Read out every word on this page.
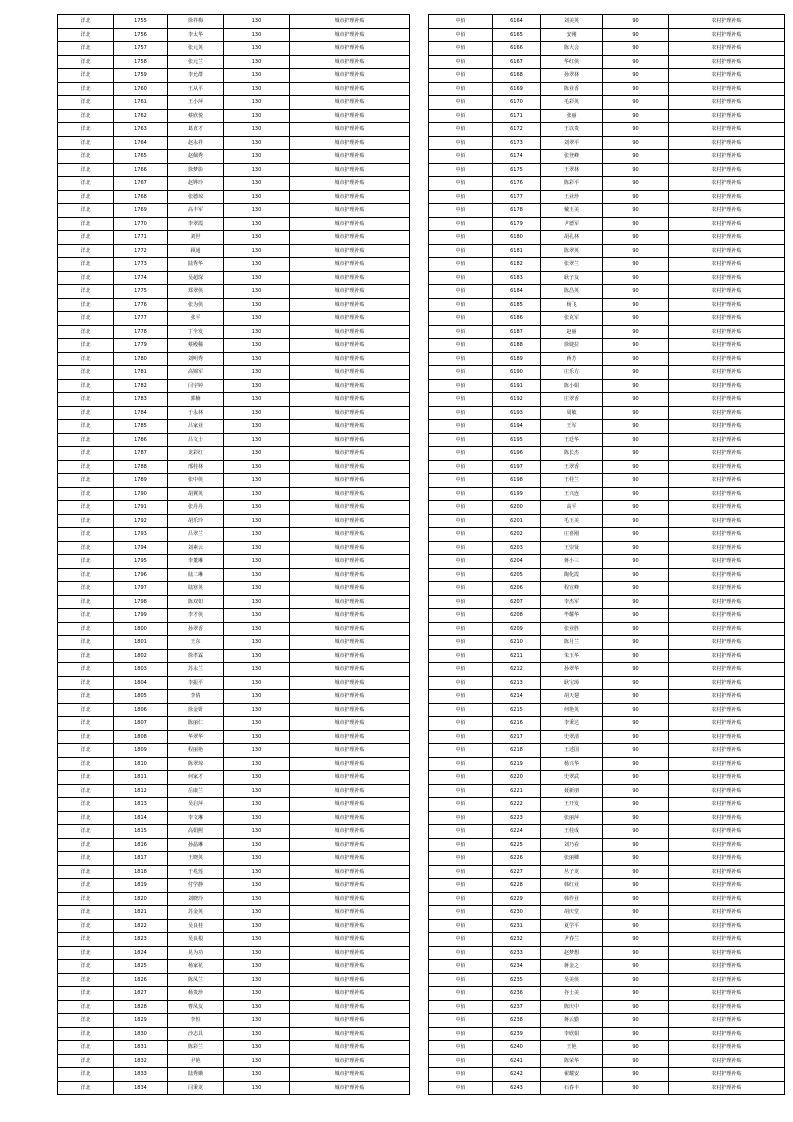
洋北	1755	徐祥梅	130	城市护理补贴
洋北	1756	李太华	130	城市护理补贴
洋北	1757	张元英	130	城市护理补贴
洋北	1758	张元兰	130	城市护理补贴
洋北	1759	李允群	130	城市护理补贴
洋北	1760	王从平	130	城市护理补贴
洋北	1761	王小萍	130	城市护理补贴
洋北	1762	蔡欣悦	130	城市护理补贴
洋北	1763	葛直才	130	城市护理补贴
洋北	1764	赵永祥	130	城市护理补贴
洋北	1765	赵佩秀	130	城市护理补贴
洋北	1766	徐梦影	130	城市护理补贴
洋北	1767	赵铧玲	130	城市护理补贴
洋北	1768	张德琼	130	城市护理补贴
洋北	1769	高丰军	130	城市护理补贴
洋北	1770	李翠霞	130	城市护理补贴
洋北	1771	刘世	130	城市护理补贴
洋北	1772	顾通	130	城市护理补贴
洋北	1773	陆秀华	130	城市护理补贴
洋北	1774	吴超琛	130	城市护理补贴
洋北	1775	郑翠侠	130	城市护理补贴
洋北	1776	张为侠	130	城市护理补贴
洋北	1777	张平	130	城市护理补贴
洋北	1778	丁全发	130	城市护理补贴
洋北	1779	蔡殿稀	130	城市护理补贴
洋北	1780	刘明秀	130	城市护理补贴
洋北	1781	高锦军	130	城市护理补贴
洋北	1782	闫宇婷	130	城市护理补贴
洋北	1783	郭楠	130	城市护理补贴
洋北	1784	于永林	130	城市护理补贴
洋北	1785	吕家业	130	城市护理补贴
洋北	1786	吕文士	130	城市护理补贴
洋北	1787	龙彩红	130	城市护理补贴
洋北	1788	邢桂林	130	城市护理补贴
洋北	1789	张中侠	130	城市护理补贴
洋北	1790	胡翼英	130	城市护理补贴
洋北	1791	张丹丹	130	城市护理补贴
洋北	1792	胡乐玲	130	城市护理补贴
洋北	1793	吕翠兰	130	城市护理补贴
洋北	1794	刘素云	130	城市护理补贴
洋北	1795	李董琳	130	城市护理补贴
洋北	1796	陆二琳	130	城市护理补贴
洋北	1797	陆寒英	130	城市护理补贴
洋北	1798	陈双如	130	城市护理补贴
洋北	1799	李才侠	130	城市护理补贴
洋北	1800	孙翠香	130	城市护理补贴
洋北	1801	王东	130	城市护理补贴
洋北	1802	徐孝霖	130	城市护理补贴
洋北	1803	苏永兰	130	城市护理补贴
洋北	1804	李振平	130	城市护理补贴
洋北	1805	李倩	130	城市护理补贴
洋北	1806	徐金妍	130	城市护理补贴
洋北	1807	陈丽仁	130	城市护理补贴
洋北	1808	华翠华	130	城市护理补贴
洋北	1809	程丽艳	130	城市护理补贴
洋北	1810	陈翠琼	130	城市护理补贴
洋北	1811	何家才	130	城市护理补贴
洋北	1812	岳康兰	130	城市护理补贴
洋北	1813	吴启萍	130	城市护理补贴
洋北	1814	李文琳	130	城市护理补贴
洋北	1815	高娟熙	130	城市护理补贴
洋北	1816	孙晶琳	130	城市护理补贴
洋北	1817	王晓英	130	城市护理补贴
洋北	1818	于兆莲	130	城市护理补贴
洋北	1819	付学静	130	城市护理补贴
洋北	1820	刘晓玲	130	城市护理补贴
洋北	1821	苏金英	130	城市护理补贴
洋北	1822	吴良桂	130	城市护理补贴
洋北	1823	吴良根	130	城市护理补贴
洋北	1824	晃为功	130	城市护理补贴
洋北	1825	杨家花	130	城市护理补贴
洋北	1826	陈凤兰	130	城市护理补贴
洋北	1827	杨贵珍	130	城市护理补贴
洋北	1828	曹凤友	130	城市护理补贴
洋北	1829	李恒	130	城市护理补贴
洋北	1830	沙志具	130	城市护理补贴
洋北	1831	陈彩兰	130	城市护理补贴
洋北	1832	尹艳	130	城市护理补贴
洋北	1833	陆秀娥	130	城市护理补贴
洋北	1834	闫秉龙	130	城市护理补贴
中佰	6164	刘美英	90	农村护理补贴
中佰	6165	安刚	90	农村护理补贴
中佰	6166	陈大会	90	农村护理补贴
中佰	6167	华红侠	90	农村护理补贴
中佰	6168	孙翠林	90	农村护理补贴
中佰	6169	陈业香	90	农村护理补贴
中佰	6170	毛彩英	90	农村护理补贴
中佰	6171	张丽	90	农村护理补贴
中佰	6172	王以贵	90	农村护理补贴
中佰	6173	刘翠平	90	农村护理补贴
中佰	6174	张登峰	90	农村护理补贴
中佰	6175	王翠林	90	农村护理补贴
中佰	6176	陈彩平	90	农村护理补贴
中佰	6177	王业珍	90	农村护理补贴
中佰	6178	戴玉美	90	农村护理补贴
中佰	6179	尹德军	90	农村护理补贴
中佰	6180	胡孔林	90	农村护理补贴
中佰	6181	陈翠英	90	农村护理补贴
中佰	6182	张翠兰	90	农村护理补贴
中佰	6183	耿子友	90	农村护理补贴
中佰	6184	陈昌英	90	农村护理补贴
中佰	6185	杨飞	90	农村护理补贴
中佰	6186	张克军	90	农村护理补贴
中佰	6187	赵丽	90	农村护理补贴
中佰	6188	徐婕拉	90	农村护理补贴
中佰	6189	蒋芳	90	农村护理补贴
中佰	6190	庄乐方	90	农村护理补贴
中佰	6191	陈小娟	90	农村护理补贴
中佰	6192	庄翠香	90	农村护理补贴
中佰	6193	周敏	90	农村护理补贴
中佰	6194	王军	90	农村护理补贴
中佰	6195	王廷华	90	农村护理补贴
中佰	6196	陈长杰	90	农村护理补贴
中佰	6197	王翠香	90	农村护理补贴
中佰	6198	王桂兰	90	农村护理补贴
中佰	6199	王兴连	90	农村护理补贴
中佰	6200	高平	90	农村护理补贴
中佰	6201	毛玉美	90	农村护理补贴
中佰	6202	庄喜刚	90	农村护理补贴
中佰	6203	王崇贤	90	农村护理补贴
中佰	6204	蒋小三	90	农村护理补贴
中佰	6205	陶化霞	90	农村护理补贴
中佰	6206	程宣峰	90	农村护理补贴
中佰	6207	李杰军	90	农村护理补贴
中佰	6208	毕耀华	90	农村护理补贴
中佰	6209	张业胜	90	农村护理补贴
中佰	6210	陈月兰	90	农村护理补贴
中佰	6211	朱玉华	90	农村护理补贴
中佰	6212	孙翠华	90	农村护理补贴
中佰	6213	耿宝璋	90	农村护理补贴
中佰	6214	胡天翅	90	农村护理补贴
中佰	6215	何艳英	90	农村护理补贴
中佰	6216	李秉达	90	农村护理补贴
中佰	6217	史翠清	90	农村护理补贴
中佰	6218	王述国	90	农村护理补贴
中佰	6219	杨兴华	90	农村护理补贴
中佰	6220	史翠武	90	农村护理补贴
中佰	6221	聂新朋	90	农村护理补贴
中佰	6222	王开发	90	农村护理补贴
中佰	6223	张丽萍	90	农村护理补贴
中佰	6224	王桂成	90	农村护理补贴
中佰	6225	刘乃看	90	农村护理补贴
中佰	6226	张丽卿	90	农村护理补贴
中佰	6227	丛子龙	90	农村护理补贴
中佰	6228	韩红业	90	农村护理补贴
中佰	6229	韩作业	90	农村护理补贴
中佰	6230	胡庆堂	90	农村护理补贴
中佰	6231	夏学平	90	农村护理补贴
中佰	6232	尹春兰	90	农村护理补贴
中佰	6233	赵梦想	90	农村护理补贴
中佰	6234	蒋金之	90	农村护理补贴
中佰	6235	吴美侠	90	农村护理补贴
中佰	6236	谷士美	90	农村护理补贴
中佰	6237	陈庆中	90	农村护理补贴
中佰	6238	蒋云勤	90	农村护理补贴
中佰	6239	李欣娟	90	农村护理补贴
中佰	6240	王艳	90	农村护理补贴
中佰	6241	陈荣华	90	农村护理补贴
中佰	6242	翟耀安	90	农村护理补贴
中佰	6243	石春丰	90	农村护理补贴
